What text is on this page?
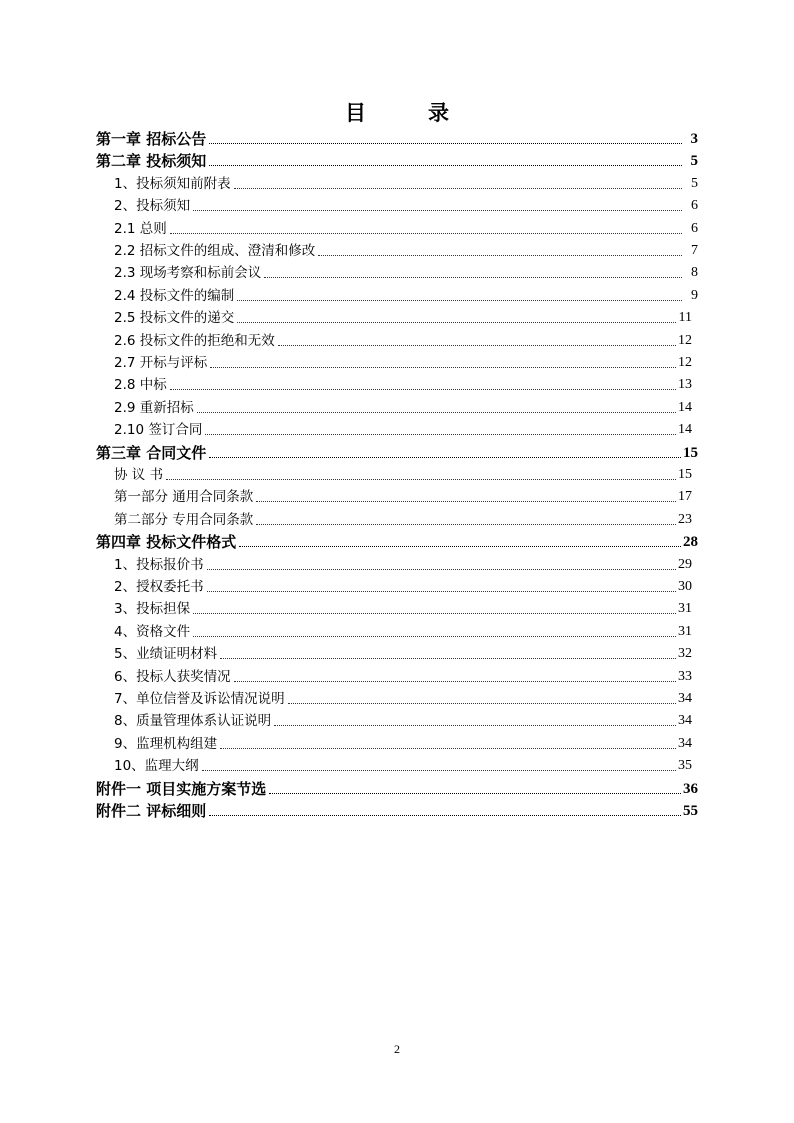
目录
第一章 招标公告	3
第二章 投标须知	5
1、投标须知前附表	5
2、投标须知	6
2.1 总则	6
2.2 招标文件的组成、澄清和修改	7
2.3 现场考察和标前会议	8
2.4 投标文件的编制	9
2.5 投标文件的递交	11
2.6 投标文件的拒绝和无效	12
2.7 开标与评标	12
2.8 中标	13
2.9 重新招标	14
2.10 签订合同	14
第三章 合同文件	15
协 议 书	15
第一部分 通用合同条款	17
第二部分 专用合同条款	23
第四章 投标文件格式	28
1、投标报价书	29
2、授权委托书	30
3、投标担保	31
4、资格文件	31
5、业绩证明材料	32
6、投标人获奖情况	33
7、单位信誉及诉讼情况说明	34
8、质量管理体系认证说明	34
9、监理机构组建	34
10、监理大纲	35
附件一 项目实施方案节选	36
附件二 评标细则	55
2
